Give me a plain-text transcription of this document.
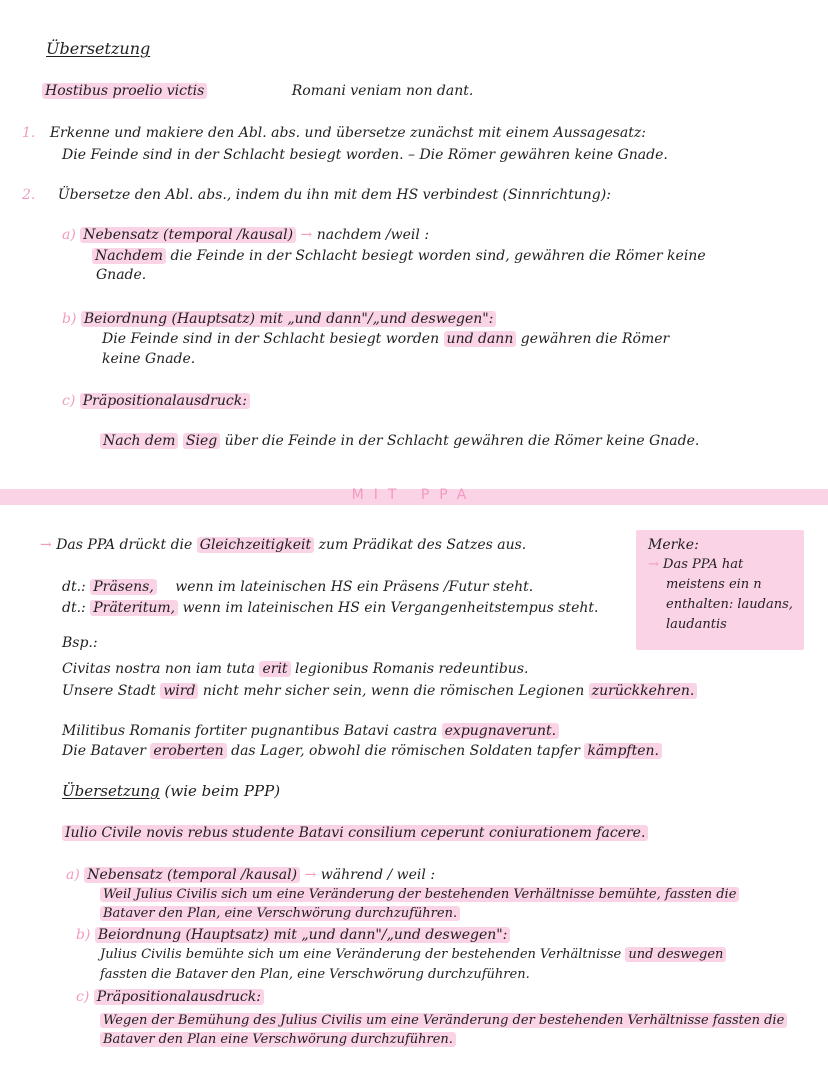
Übersetzung
Hostibus proelio victis	Romani veniam non dant.
1. Erkenne und makiere den Abl. abs. und übersetze zunächst mit einem Aussagesatz:
Die Feinde sind in der Schlacht besiegt worden. – Die Römer gewähren keine Gnade.
2. Übersetze den Abl. abs., indem du ihn mit dem HS verbindest (Sinnrichtung):
a) Nebensatz (temporal /kausal) → nachdem /weil :
Nachdem die Feinde in der Schlacht besiegt worden sind, gewähren die Römer keine
Gnade.
b) Beiordnung (Hauptsatz) mit „und dann"/„und deswegen":
Die Feinde sind in der Schlacht besiegt worden und dann gewähren die Römer
keine Gnade.
c) Präpositionalausdruck:
Nach dem Sieg über die Feinde in der Schlacht gewähren die Römer keine Gnade.
MIT PPA
Merke:
→ Das PPA hat
meistens ein n
enthalten: laudans,
laudantis
→ Das PPA drückt die Gleichzeitigkeit zum Prädikat des Satzes aus.
dt.: Präsens, wenn im lateinischen HS ein Präsens /Futur steht.
dt.: Präteritum, wenn im lateinischen HS ein Vergangenheitstempus steht.
Bsp.:
Civitas nostra non iam tuta erit legionibus Romanis redeuntibus.
Unsere Stadt wird nicht mehr sicher sein, wenn die römischen Legionen zurückkehren.
Militibus Romanis fortiter pugnantibus Batavi castra expugnaverunt.
Die Bataver eroberten das Lager, obwohl die römischen Soldaten tapfer kämpften.
Übersetzung (wie beim PPP)
Iulio Civile novis rebus studente Batavi consilium ceperunt coniurationem facere.
a) Nebensatz (temporal /kausal) → während / weil :
Weil Julius Civilis sich um eine Veränderung der bestehenden Verhältnisse bemühte, fassten die
Bataver den Plan, eine Verschwörung durchzuführen.
b) Beiordnung (Hauptsatz) mit „und dann"/„und deswegen":
Julius Civilis bemühte sich um eine Veränderung der bestehenden Verhältnisse und deswegen
fassten die Bataver den Plan, eine Verschwörung durchzuführen.
c) Präpositionalausdruck:
Wegen der Bemühung des Julius Civilis um eine Veränderung der bestehenden Verhältnisse fassten die
Bataver den Plan eine Verschwörung durchzuführen.
